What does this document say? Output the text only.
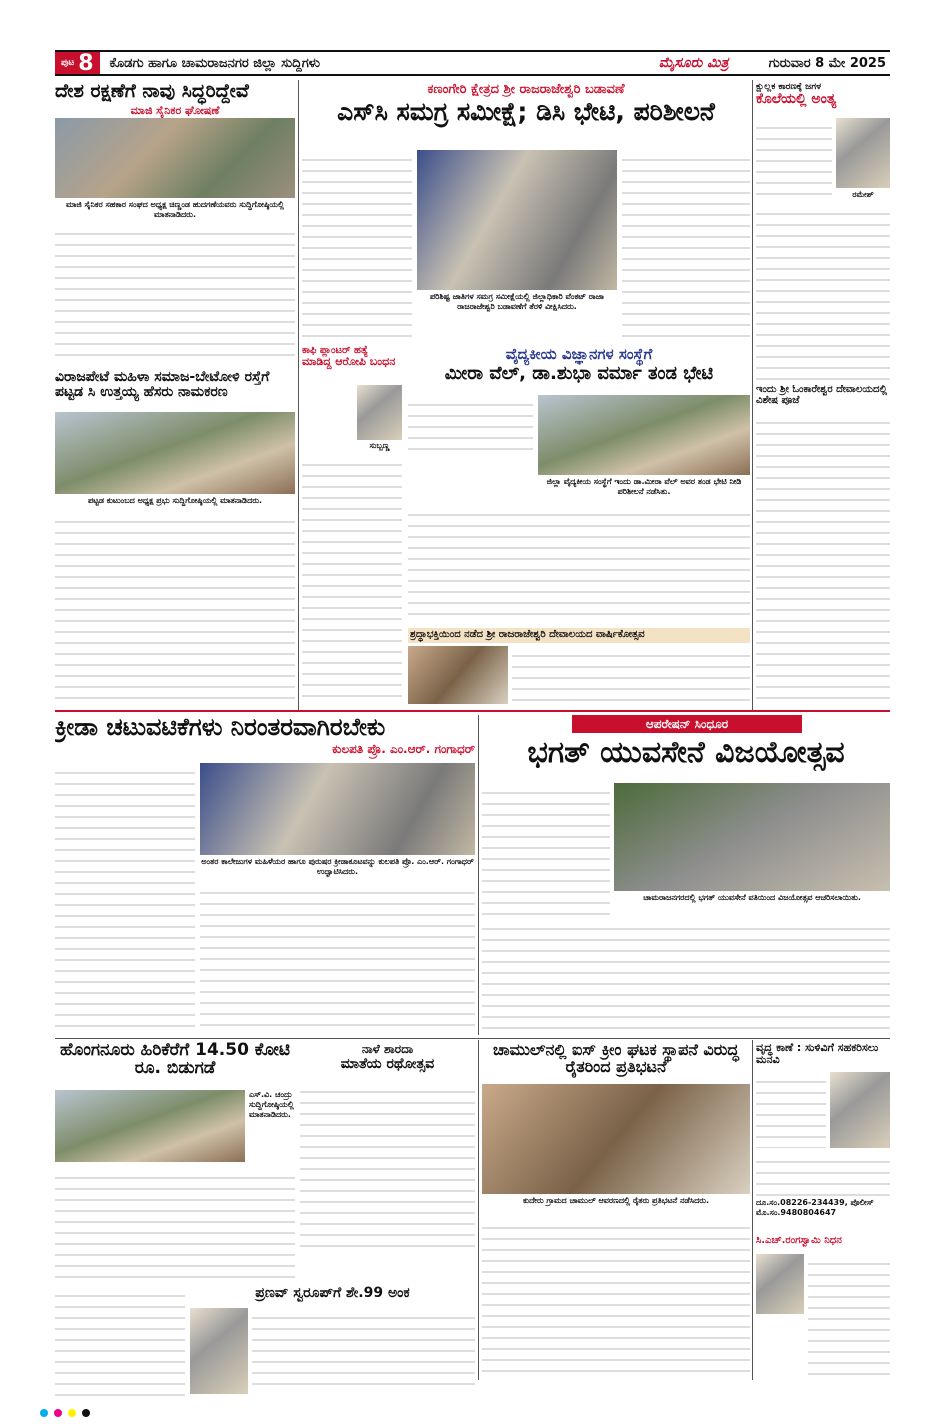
ಪುಟ 8 ಕೊಡಗು ಹಾಗೂ ಚಾಮರಾಜನಗರ ಜಿಲ್ಲಾ ಸುದ್ದಿಗಳು	ಮೈಸೂರು ಮಿತ್ರ	ಗುರುವಾರ 8 ಮೇ 2025
ದೇಶ ರಕ್ಷಣೆಗೆ ನಾವು ಸಿದ್ಧರಿದ್ದೇವೆ
ಮಾಜಿ ಸೈನಿಕರ ಘೋಷಣೆ
ಮಾಜಿ ಸೈನಿಕರ ಸಹಕಾರ ಸಂಘದ ಅಧ್ಯಕ್ಷ ಚಿಣ್ಣಂಡ ಹುದಗಣೆಯವರು ಸುದ್ದಿಗೋಷ್ಠಿಯಲ್ಲಿ ಮಾತನಾಡಿದರು.
ವಿರಾಜಪೇಟೆ ಮಹಿಳಾ ಸಮಾಜ-ಬೇಟೋಳಿ ರಸ್ತೆಗೆ ಪಟ್ಟಡ ಸಿ ಉತ್ತಯ್ಯ ಹೆಸರು ನಾಮಕರಣ
ಪಟ್ಟಡ ಕುಟುಂಬದ ಅಧ್ಯಕ್ಷ ಪ್ರಭು ಸುದ್ದಿಗೋಷ್ಠಿಯಲ್ಲಿ ಮಾತನಾಡಿದರು.
ಕಣಂಗೇರಿ ಕ್ಷೇತ್ರದ ಶ್ರೀ ರಾಜರಾಜೇಶ್ವರಿ ಬಡಾವಣೆ
ಎಸ್‌ಸಿ ಸಮಗ್ರ ಸಮೀಕ್ಷೆ; ಡಿಸಿ ಭೇಟಿ, ಪರಿಶೀಲನೆ
ಪರಿಶಿಷ್ಟ ಜಾತಿಗಳ ಸಮಗ್ರ ಸಮೀಕ್ಷೆಯಲ್ಲಿ ಜಿಲ್ಲಾಧಿಕಾರಿ ವೆಂಕಟ್ ರಾಜಾ ರಾಜರಾಜೇಶ್ವರಿ ಬಡಾವಣೆಗೆ ತೆರಳಿ ವೀಕ್ಷಿಸಿದರು.
ಕಾಫಿ ಪ್ಲಾಂಟರ್ ಹತ್ಯೆ
ಮಾಡಿದ್ದ ಆರೋಪಿ ಬಂಧನ
ಸುಬ್ಬಣ್ಣ
ವೈದ್ಯಕೀಯ ವಿಜ್ಞಾನಗಳ ಸಂಸ್ಥೆಗೆ
ಮೀರಾ ವೆಲ್, ಡಾ.ಶುಭಾ ವರ್ಮಾ ತಂಡ ಭೇಟಿ
ಜಿಲ್ಲಾ ವೈದ್ಯಕೀಯ ಸಂಸ್ಥೆಗೆ ಇಂದು ಡಾ.ಮೀರಾ ವೆಲ್ ಅವರ ತಂಡ ಭೇಟಿ ನೀಡಿ ಪರಿಶೀಲನೆ ನಡೆಸಿತು.
ಶ್ರದ್ಧಾಭಕ್ತಿಯಿಂದ ನಡೆದ ಶ್ರೀ ರಾಜರಾಜೇಶ್ವರಿ ದೇವಾಲಯದ ವಾರ್ಷಿಕೋತ್ಸವ
ಕ್ಷುಲ್ಲಕ ಕಾರಣಕ್ಕೆ ಜಗಳ
ಕೊಲೆಯಲ್ಲಿ ಅಂತ್ಯ
ರಮೇಶ್
ಇಂದು ಶ್ರೀ ಓಂಕಾರೇಶ್ವರ ದೇವಾಲಯದಲ್ಲಿ ವಿಶೇಷ ಪೂಜೆ
ಕ್ರೀಡಾ ಚಟುವಟಿಕೆಗಳು ನಿರಂತರವಾಗಿರಬೇಕು
ಕುಲಪತಿ ಪ್ರೊ. ಎಂ.ಆರ್. ಗಂಗಾಧರ್
ಅಂತರ ಕಾಲೇಜುಗಳ ಮಹಿಳೆಯರ ಹಾಗೂ ಪುರುಷರ ಕ್ರೀಡಾಕೂಟವನ್ನು ಕುಲಪತಿ ಪ್ರೊ. ಎಂ.ಆರ್. ಗಂಗಾಧರ್ ಉದ್ಘಾಟಿಸಿದರು.
ಆಪರೇಷನ್ ಸಿಂಧೂರ
ಭಗತ್ ಯುವಸೇನೆ ವಿಜಯೋತ್ಸವ
ಚಾಮರಾಜನಗರದಲ್ಲಿ ಭಗತ್ ಯುವಸೇನೆ ವತಿಯಿಂದ ವಿಜಯೋತ್ಸವ ಆಚರಿಸಲಾಯಿತು.
ಹೊಂಗನೂರು ಹಿರಿಕೆರೆಗೆ 14.50 ಕೋಟಿ ರೂ. ಬಿಡುಗಡೆ
ಎಸ್.ವಿ. ಚಂದ್ರು ಸುದ್ದಿಗೋಷ್ಠಿಯಲ್ಲಿ ಮಾತನಾಡಿದರು.
ನಾಳೆ ಶಾರದಾ
ಮಾತೆಯ ರಥೋತ್ಸವ
ಚಾಮುಲ್‌ನಲ್ಲಿ ಐಸ್ ಕ್ರೀಂ ಘಟಕ ಸ್ಥಾಪನೆ ವಿರುದ್ಧ ರೈತರಿಂದ ಪ್ರತಿಭಟನೆ
ಕುದೇರು ಗ್ರಾಮದ ಚಾಮುಲ್ ಆವರಣದಲ್ಲಿ ರೈತರು ಪ್ರತಿಭಟನೆ ನಡೆಸಿದರು.
ವೃದ್ಧ ಕಾಣೆ : ಸುಳಿವಿಗೆ ಸಹಕರಿಸಲು ಮನವಿ
ದೂ.ಸಂ.08226-234439, ಪೊಲೀಸ್ ಮೊ.ಸಂ.9480804647
ಸಿ.ಎಚ್.ರಂಗಸ್ವಾಮಿ ನಿಧನ
ಪ್ರಣವ್ ಸ್ವರೂಪ್‌ಗೆ ಶೇ.99 ಅಂಕ
